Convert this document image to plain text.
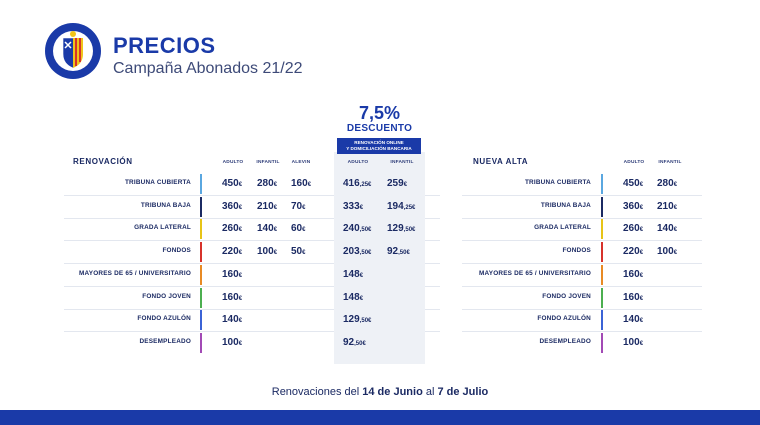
PRECIOS
Campaña Abonados 21/22
7,5%
DESCUENTO
RENOVACIÓN ONLINE
Y DOMICILIACIÓN BANCARIA
RENOVACIÓN	NUEVA ALTA
ADULTO	INFANTIL	ALEVIN	ADULTO	INFANTIL	ADULTO	INFANTIL
TRIBUNA CUBIERTA	450€ 280€ 160€	416,25€ 259€
TRIBUNA BAJA	360€ 210€ 70€	333€ 194,25€
GRADA LATERAL	260€ 140€ 60€	240,50€ 129,50€
FONDOS	220€ 100€ 50€	203,50€ 92,50€
MAYORES DE 65 / UNIVERSITARIO	160€	148€
FONDO JOVEN	160€	148€
FONDO AZULÓN	140€	129,50€
DESEMPLEADO	100€	92,50€
TRIBUNA CUBIERTA	450€ 280€
TRIBUNA BAJA	360€ 210€
GRADA LATERAL	260€ 140€
FONDOS	220€ 100€
MAYORES DE 65 / UNIVERSITARIO	160€
FONDO JOVEN	160€
FONDO AZULÓN	140€
DESEMPLEADO	100€
Renovaciones del 14 de Junio al 7 de Julio
